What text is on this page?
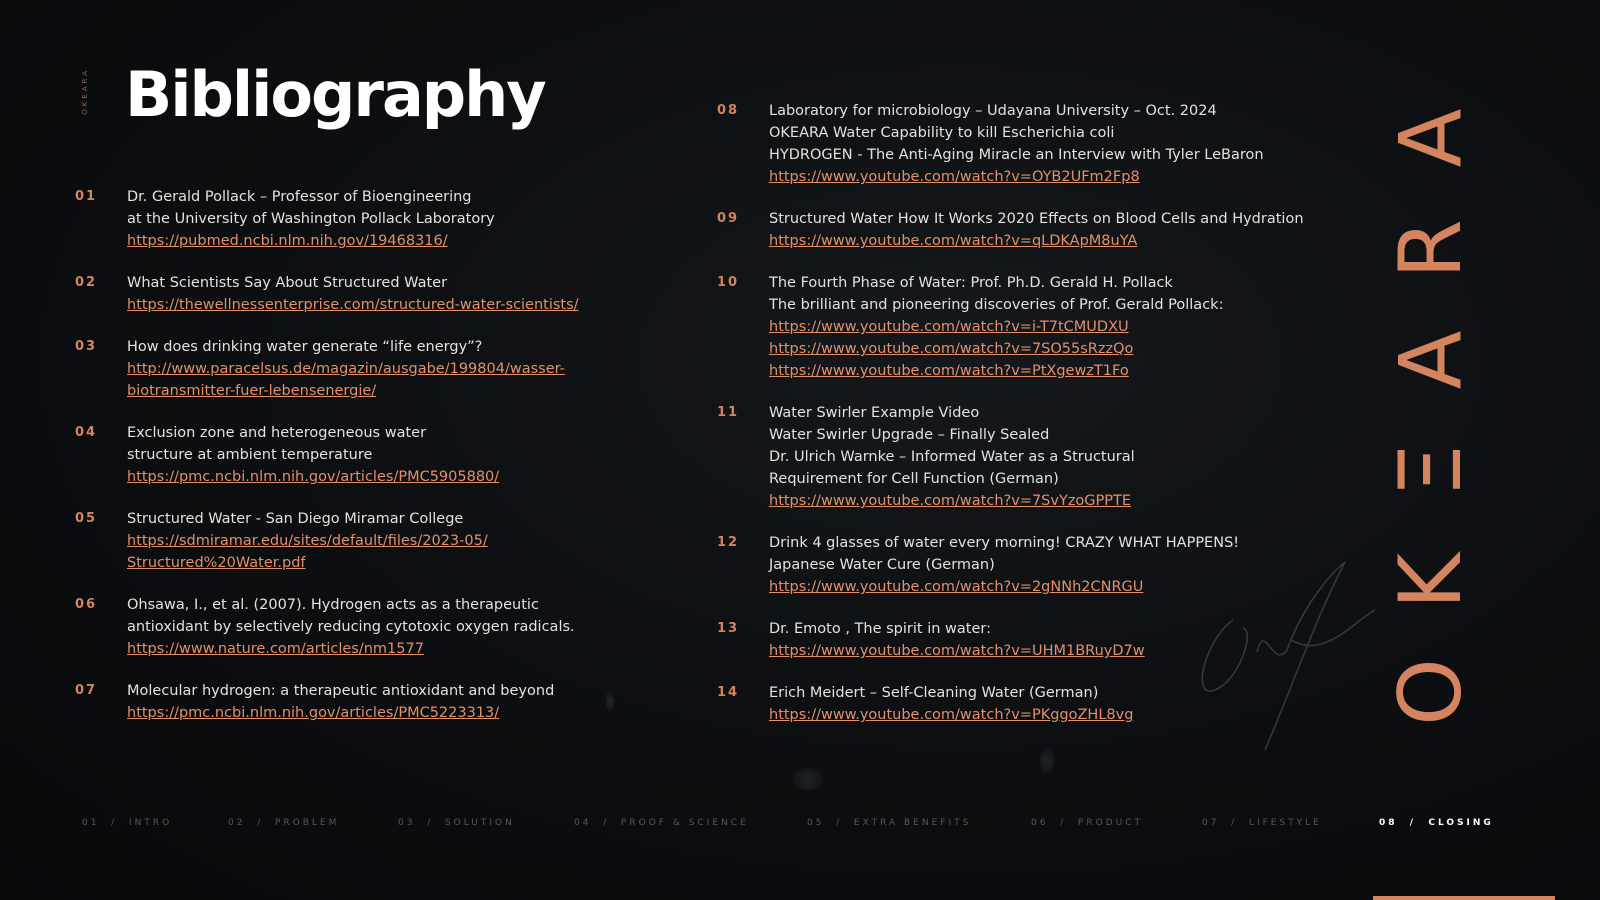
OKEARA Bibliography
01	Dr. Gerald Pollack – Professor of Bioengineering
at the University of Washington Pollack Laboratory
https://pubmed.ncbi.nlm.nih.gov/19468316/
02	What Scientists Say About Structured Water
https://thewellnessenterprise.com/structured-water-scientists/
03	How does drinking water generate “life energy”?
http://www.paracelsus.de/magazin/ausgabe/199804/wasser-
biotransmitter-fuer-lebensenergie/
04	Exclusion zone and heterogeneous water
structure at ambient temperature
https://pmc.ncbi.nlm.nih.gov/articles/PMC5905880/
05	Structured Water - San Diego Miramar College
https://sdmiramar.edu/sites/default/files/2023-05/
Structured%20Water.pdf
06	Ohsawa, I., et al. (2007). Hydrogen acts as a therapeutic
antioxidant by selectively reducing cytotoxic oxygen radicals.
https://www.nature.com/articles/nm1577
07	Molecular hydrogen: a therapeutic antioxidant and beyond
https://pmc.ncbi.nlm.nih.gov/articles/PMC5223313/
08	Laboratory for microbiology – Udayana University – Oct. 2024
OKEARA Water Capability to kill Escherichia coli
HYDROGEN - The Anti-Aging Miracle an Interview with Tyler LeBaron
https://www.youtube.com/watch?v=OYB2UFm2Fp8
09	Structured Water How It Works 2020 Effects on Blood Cells and Hydration
https://www.youtube.com/watch?v=qLDKApM8uYA
10	The Fourth Phase of Water: Prof. Ph.D. Gerald H. Pollack
The brilliant and pioneering discoveries of Prof. Gerald Pollack:
https://www.youtube.com/watch?v=i-T7tCMUDXU
https://www.youtube.com/watch?v=7SO55sRzzQo
https://www.youtube.com/watch?v=PtXgewzT1Fo
11	Water Swirler Example Video
Water Swirler Upgrade – Finally Sealed
Dr. Ulrich Warnke – Informed Water as a Structural
Requirement for Cell Function (German)
https://www.youtube.com/watch?v=7SvYzoGPPTE
12	Drink 4 glasses of water every morning! CRAZY WHAT HAPPENS!
Japanese Water Cure (German)
https://www.youtube.com/watch?v=2gNNh2CNRGU
13	Dr. Emoto , The spirit in water:
https://www.youtube.com/watch?v=UHM1BRuyD7w
14	Erich Meidert – Self-Cleaning Water (German)
https://www.youtube.com/watch?v=PKggoZHL8vg	O
K
Ξ
A
R
A
01  /  INTRO	02  /  PROBLEM	03  /  SOLUTION	04  /  PROOF & SCIENCE	05  /  EXTRA BENEFITS	06  /  PRODUCT	07  /  LIFESTYLE	08  /  CLOSING
